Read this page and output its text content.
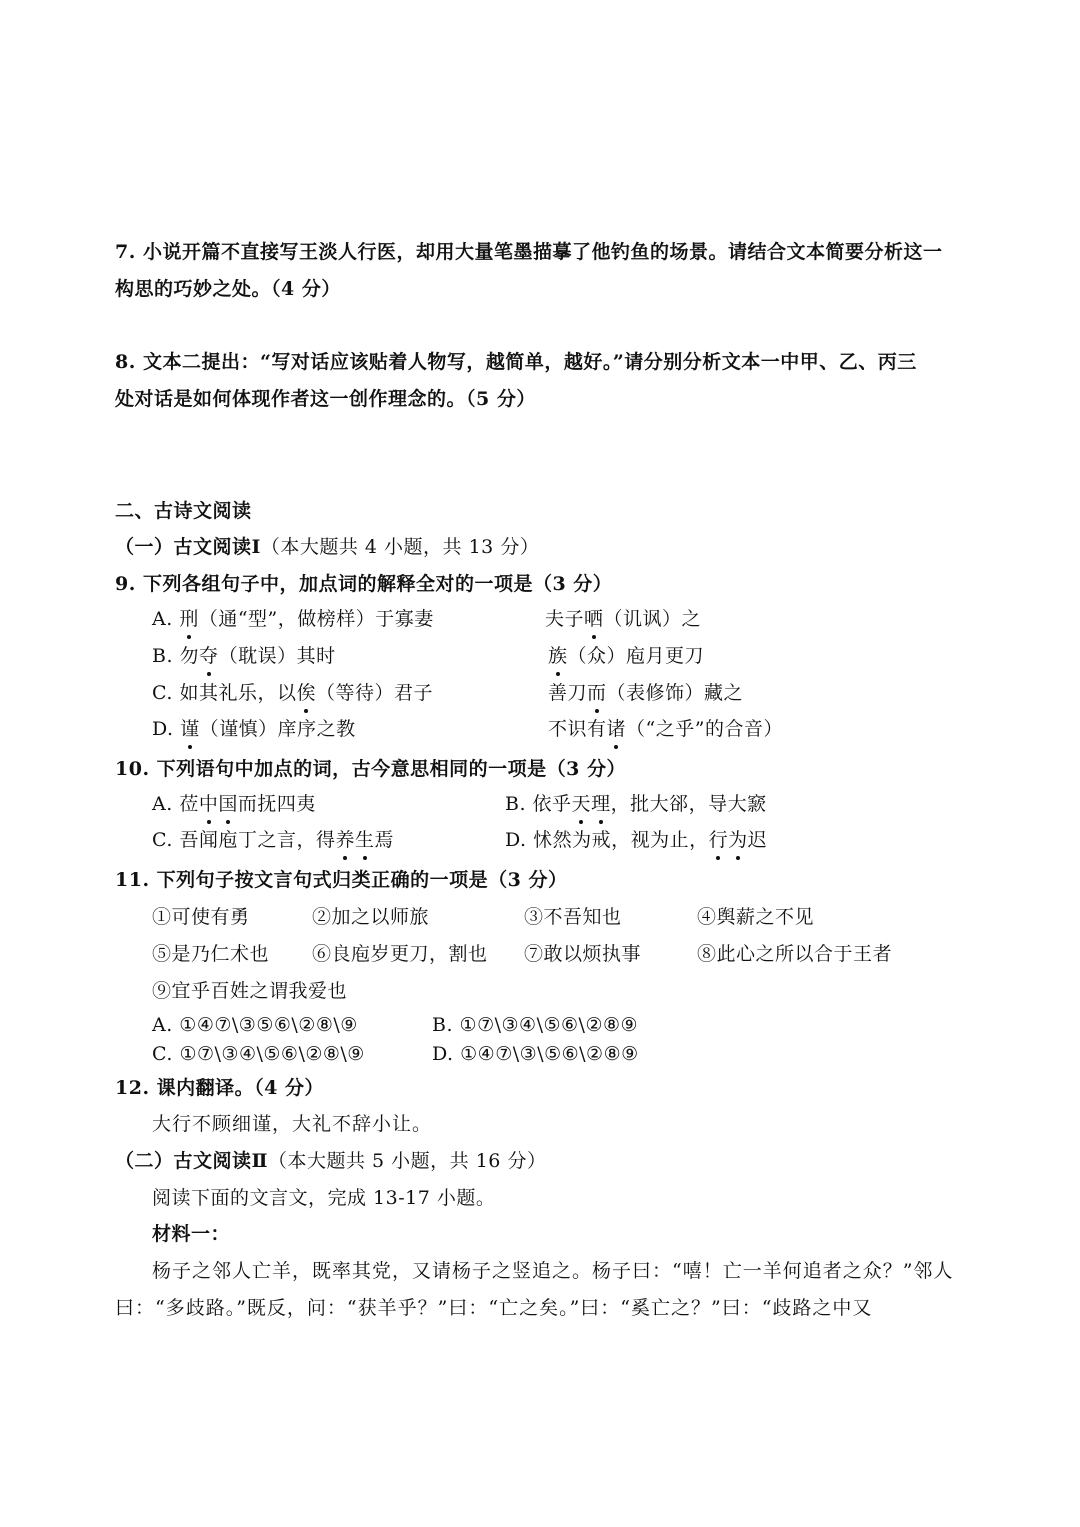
7. 小说开篇不直接写王淡人行医，却用大量笔墨描摹了他钓鱼的场景。请结合文本简要分析这一
构思的巧妙之处。（4 分）
8. 文本二提出：“写对话应该贴着人物写，越简单，越好。”请分别分析文本一中甲、乙、丙三
处对话是如何体现作者这一创作理念的。（5 分）
二、古诗文阅读
（一）古文阅读Ⅰ（本大题共 4 小题，共 13 分）
9. 下列各组句子中，加点词的解释全对的一项是（3 分）
A. 刑（通“型”，做榜样）于寡妻	夫子哂（讥讽）之
B. 勿夺（耽误）其时	族（众）庖月更刀
C. 如其礼乐，以俟（等待）君子	善刀而（表修饰）藏之
D. 谨（谨慎）庠序之教	不识有诸（“之乎”的合音）
10. 下列语句中加点的词，古今意思相同的一项是（3 分）
A. 莅中国而抚四夷	B. 依乎天理，批大郤，导大窾
C. 吾闻庖丁之言，得养生焉	D. 怵然为戒，视为止，行为迟
11. 下列句子按文言句式归类正确的一项是（3 分）
①可使有勇	②加之以师旅	③不吾知也	④舆薪之不见
⑤是乃仁术也 ⑥良庖岁更刀，割也 ⑦敢以烦执事	⑧此心之所以合于王者
⑨宜乎百姓之谓我爱也
A. ①④⑦\③⑤⑥\②⑧\⑨	B. ①⑦\③④\⑤⑥\②⑧⑨
C. ①⑦\③④\⑤⑥\②⑧\⑨	D. ①④⑦\③\⑤⑥\②⑧⑨
12. 课内翻译。（4 分）
大行不顾细谨，大礼不辞小让。
（二）古文阅读Ⅱ（本大题共 5 小题，共 16 分）
阅读下面的文言文，完成 13-17 小题。
材料一：
杨子之邻人亡羊，既率其党，又请杨子之竖追之。杨子曰：“嘻！亡一羊何追者之众？”邻人
曰：“多歧路。”既反，问：“获羊乎？”曰：“亡之矣。”曰：“奚亡之？”曰：“歧路之中又
